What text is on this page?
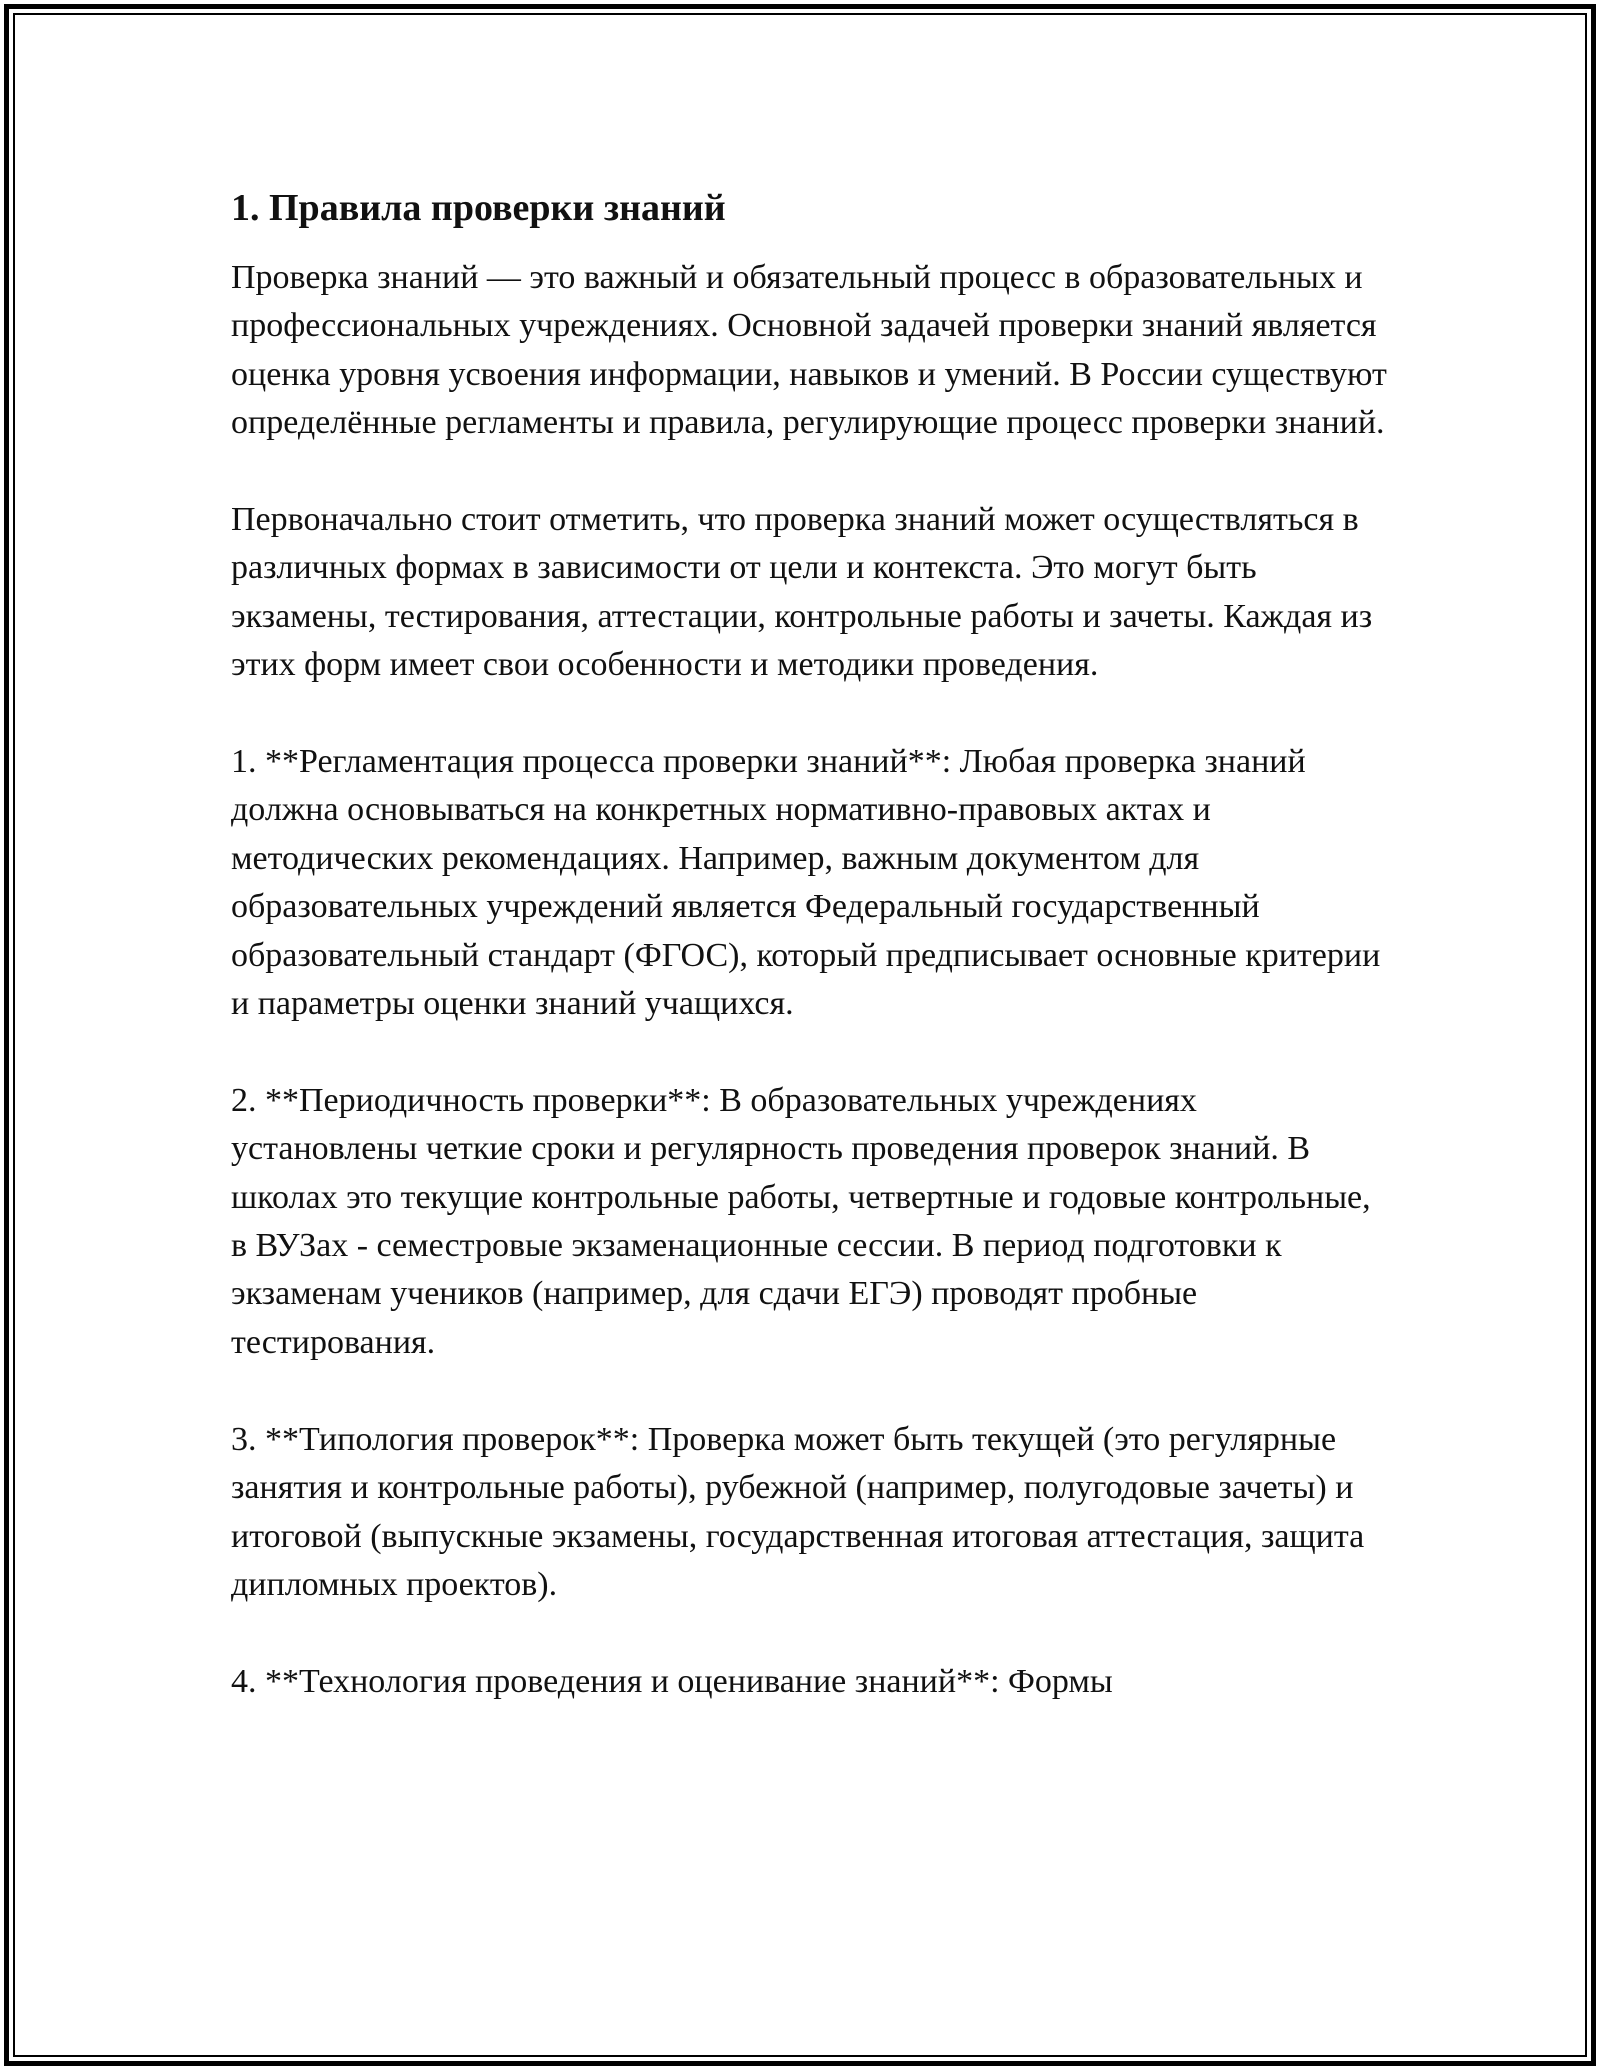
1. Правила проверки знаний

Проверка знаний — это важный и обязательный процесс в образовательных и профессиональных учреждениях. Основной задачей проверки знаний является оценка уровня усвоения информации, навыков и умений. В России существуют определённые регламенты и правила, регулирующие процесс проверки знаний.

Первоначально стоит отметить, что проверка знаний может осуществляться в различных формах в зависимости от цели и контекста. Это могут быть экзамены, тестирования, аттестации, контрольные работы и зачеты. Каждая из этих форм имеет свои особенности и методики проведения.

1. **Регламентация процесса проверки знаний**: Любая проверка знаний должна основываться на конкретных нормативно-правовых актах и методических рекомендациях. Например, важным документом для образовательных учреждений является Федеральный государственный образовательный стандарт (ФГОС), который предписывает основные критерии и параметры оценки знаний учащихся.

2. **Периодичность проверки**: В образовательных учреждениях установлены четкие сроки и регулярность проведения проверок знаний. В школах это текущие контрольные работы, четвертные и годовые контрольные, в ВУЗах - семестровые экзаменационные сессии. В период подготовки к экзаменам учеников (например, для сдачи ЕГЭ) проводят пробные тестирования.

3. **Типология проверок**: Проверка может быть текущей (это регулярные занятия и контрольные работы), рубежной (например, полугодовые зачеты) и итоговой (выпускные экзамены, государственная итоговая аттестация, защита дипломных проектов).

4. **Технология проведения и оценивание знаний**: Формы
